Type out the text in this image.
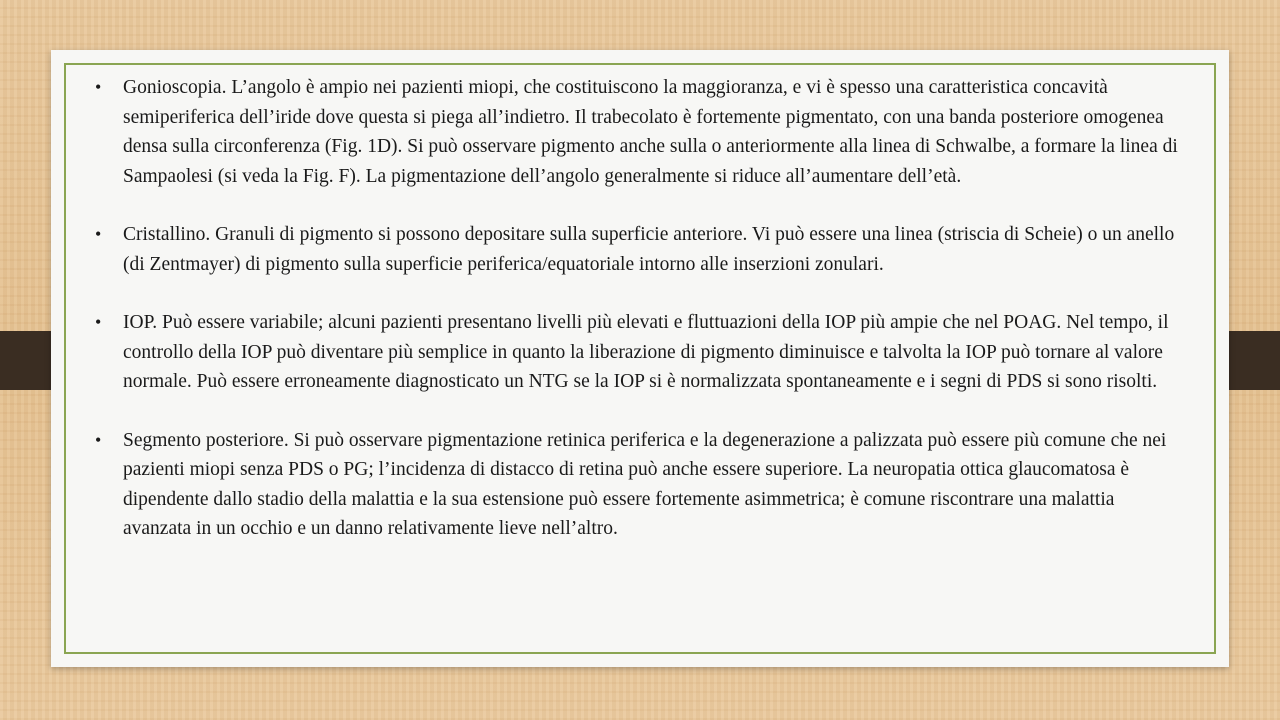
• Gonioscopia. L’angolo è ampio nei pazienti miopi, che costituiscono la maggioranza, e vi è spesso una caratteristica concavità semiperiferica dell’iride dove questa si piega all’indietro. Il trabecolato è fortemente pigmentato, con una banda posteriore omogenea densa sulla circonferenza (Fig. 1D). Si può osservare pigmento anche sulla o anteriormente alla linea di Schwalbe, a formare la linea di Sampaolesi (si veda la Fig. F). La pigmentazione dell’angolo generalmente si riduce all’aumentare dell’età.
• Cristallino. Granuli di pigmento si possono depositare sulla superficie anteriore. Vi può essere una linea (striscia di Scheie) o un anello (di Zentmayer) di pigmento sulla superficie periferica/equatoriale intorno alle inserzioni zonulari.
• IOP. Può essere variabile; alcuni pazienti presentano livelli più elevati e fluttuazioni della IOP più ampie che nel POAG. Nel tempo, il controllo della IOP può diventare più semplice in quanto la liberazione di pigmento diminuisce e talvolta la IOP può tornare al valore normale. Può essere erroneamente diagnosticato un NTG se la IOP si è normalizzata spontaneamente e i segni di PDS si sono risolti.
• Segmento posteriore. Si può osservare pigmentazione retinica periferica e la degenerazione a palizzata può essere più comune che nei pazienti miopi senza PDS o PG; l’incidenza di distacco di retina può anche essere superiore. La neuropatia ottica glaucomatosa è dipendente dallo stadio della malattia e la sua estensione può essere fortemente asimmetrica; è comune riscontrare una malattia avanzata in un occhio e un danno relativamente lieve nell’altro.
